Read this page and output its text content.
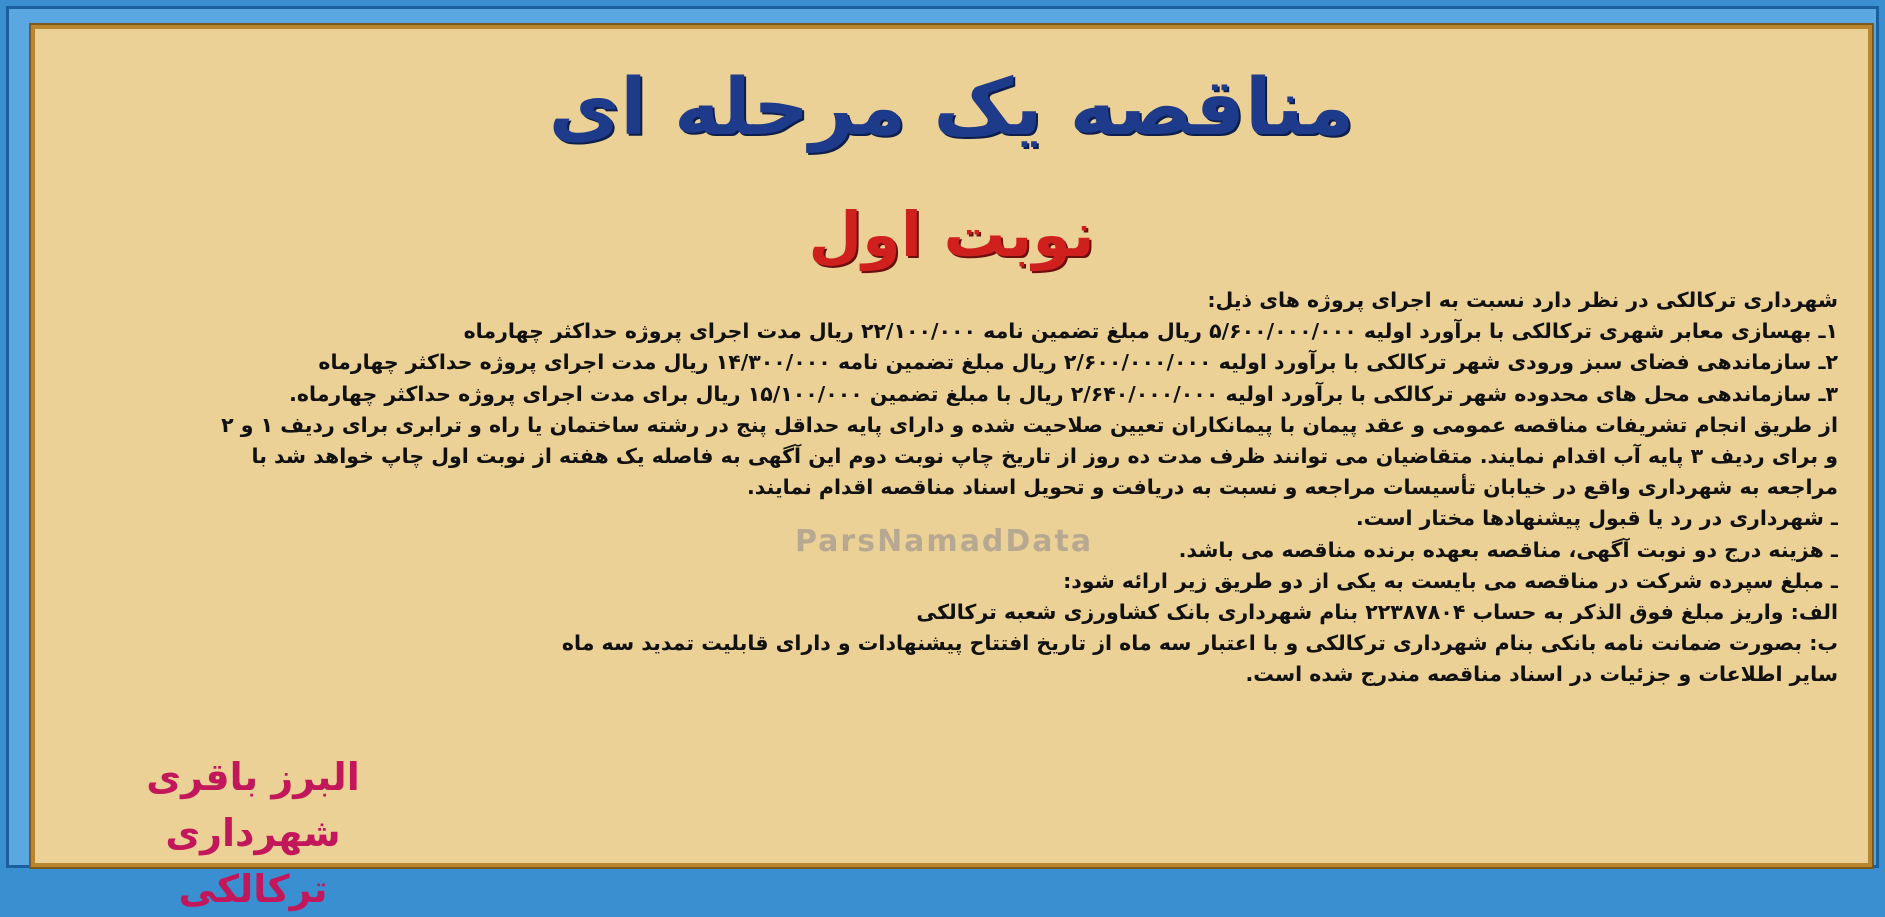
مناقصه یک مرحله ای
نوبت اول
شهرداری ترکالکی در نظر دارد نسبت به اجرای پروژه های ذیل:
۱ـ بهسازی معابر شهری ترکالکی با برآورد اولیه ۵/۶۰۰/۰۰۰/۰۰۰ ریال مبلغ تضمین نامه ۲۲/۱۰۰/۰۰۰ ریال مدت اجرای پروژه حداکثر چهارماه
۲ـ سازماندهی فضای سبز ورودی شهر ترکالکی با برآورد اولیه ۲/۶۰۰/۰۰۰/۰۰۰ ریال مبلغ تضمین نامه ۱۴/۳۰۰/۰۰۰ ریال مدت اجرای پروژه حداکثر چهارماه
۳ـ سازماندهی محل های محدوده شهر ترکالکی با برآورد اولیه ۲/۶۴۰/۰۰۰/۰۰۰ ریال با مبلغ تضمین ۱۵/۱۰۰/۰۰۰ ریال برای مدت اجرای پروژه حداکثر چهارماه.
از طریق انجام تشریفات مناقصه عمومی و عقد پیمان با پیمانکاران تعیین صلاحیت شده و دارای پایه حداقل پنج در رشته ساختمان یا راه و ترابری برای ردیف ۱ و ۲
و برای ردیف ۳ پایه آب اقدام نمایند. متقاضیان می توانند ظرف مدت ده روز از تاریخ چاپ نوبت دوم این آگهی به فاصله یک هفته از نوبت اول چاپ خواهد شد با
مراجعه به شهرداری واقع در خیابان تأسیسات مراجعه و نسبت به دریافت و تحویل اسناد مناقصه اقدام نمایند.
ـ شهرداری در رد یا قبول پیشنهادها مختار است.
ـ هزینه درج دو نوبت آگهی، مناقصه بعهده برنده مناقصه می باشد.
ـ مبلغ سپرده شرکت در مناقصه می بایست به یکی از دو طریق زیر ارائه شود:
الف: واریز مبلغ فوق الذکر به حساب ۲۲۳۸۷۸۰۴ بنام شهرداری بانک کشاورزی شعبه ترکالکی
ب: بصورت ضمانت نامه بانکی بنام شهرداری ترکالکی و با اعتبار سه ماه از تاریخ افتتاح پیشنهادات و دارای قابلیت تمدید سه ماه
سایر اطلاعات و جزئیات در اسناد مناقصه مندرج شده است.
البرز باقری
شهرداری ترکالکی
ParsNamadData
